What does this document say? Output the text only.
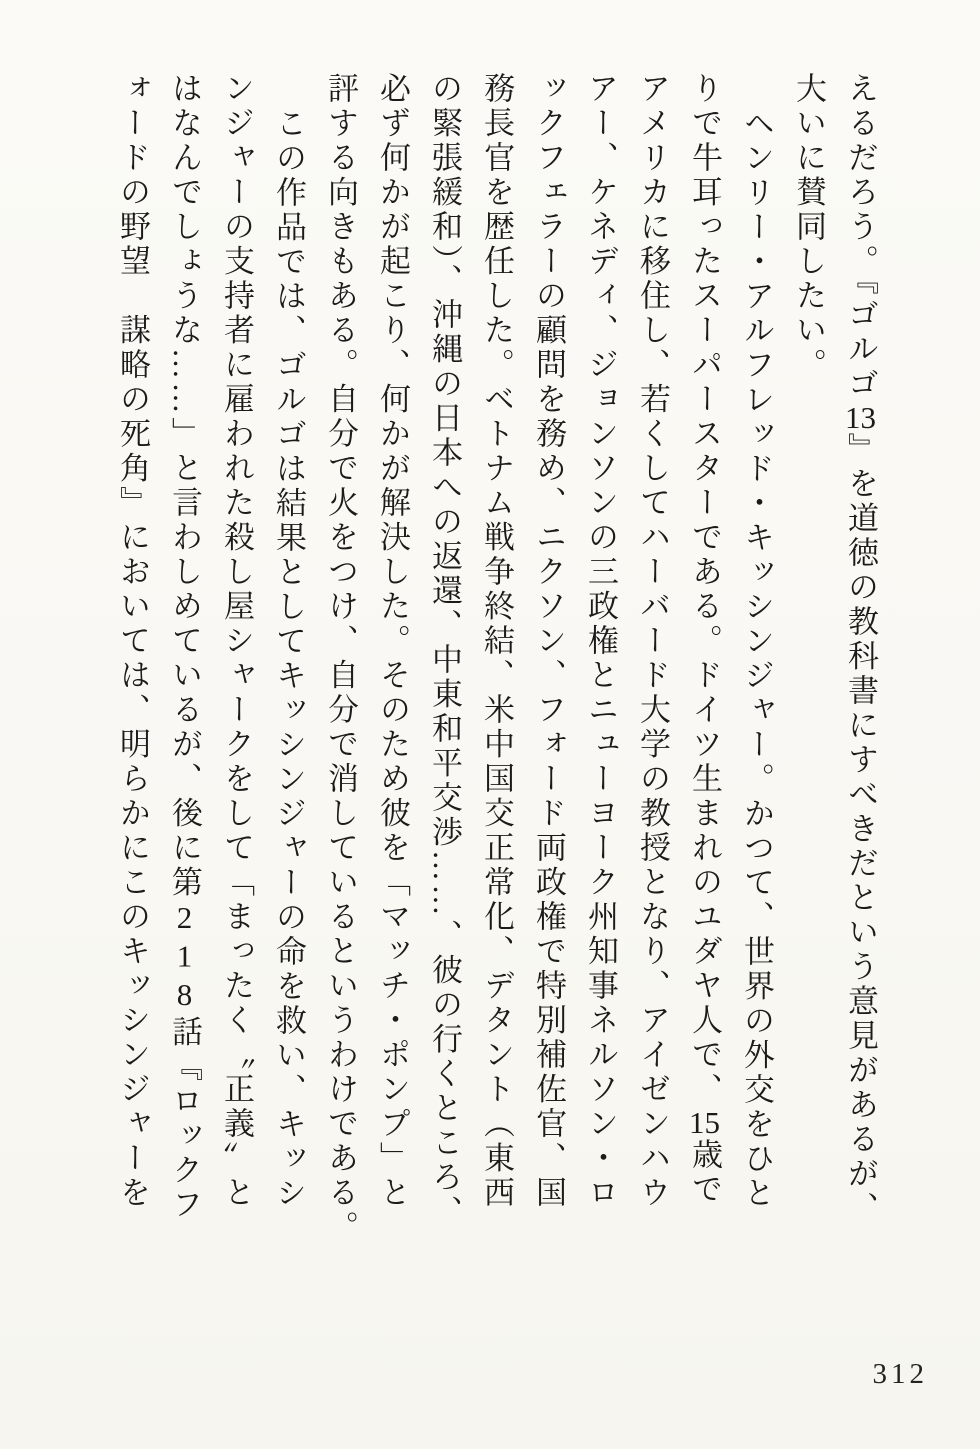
えるだろう。『ゴルゴ13』を道徳の教科書にすべきだという意見があるが、

大いに賛同したい。

ヘンリー・アルフレッド・キッシンジャー。かつて、世界の外交をひと

りで牛耳ったスーパースターである。ドイツ生まれのユダヤ人で、15歳で

アメリカに移住し、若くしてハーバード大学の教授となり、アイゼンハウ

アー、ケネディ、ジョンソンの三政権とニューヨーク州知事ネルソン・ロ

ックフェラーの顧問を務め、ニクソン、フォード両政権で特別補佐官、国

務長官を歴任した。ベトナム戦争終結、米中国交正常化、デタント（東西

の緊張緩和）、沖縄の日本への返還、中東和平交渉……、彼の行くところ、

必ず何かが起こり、何かが解決した。そのため彼を「マッチ・ポンプ」と

評する向きもある。自分で火をつけ、自分で消しているというわけである。

この作品では、ゴルゴは結果としてキッシンジャーの命を救い、キッシ

ンジャーの支持者に雇われた殺し屋シャークをして「まったく〝正義〟と

はなんでしょうな……」と言わしめているが、後に第218話『ロックフ

ォードの野望　謀略の死角』においては、明らかにこのキッシンジャーを

312
